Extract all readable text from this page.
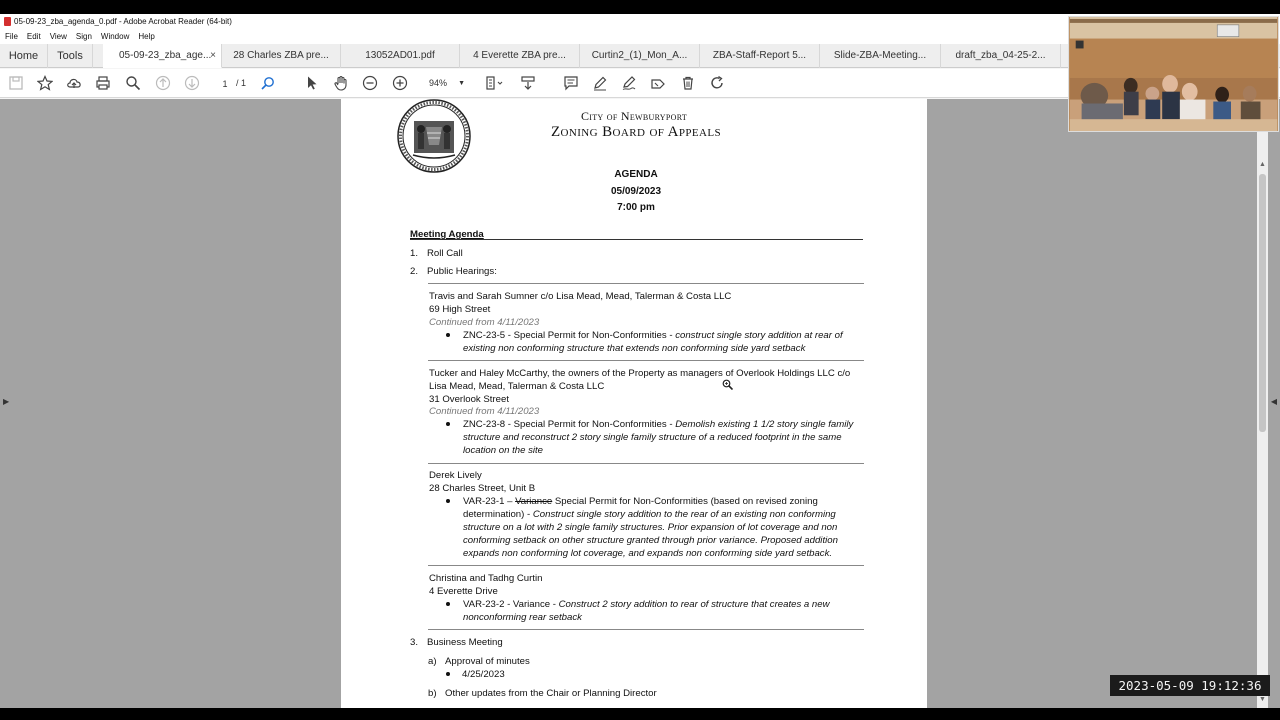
05-09-23_zba_agenda_0.pdf - Adobe Acrobat Reader (64-bit)
File Edit View Sign Window Help
Home	Tools	05-09-23_zba_age...
×	28 Charles ZBA pre...	13052AD01.pdf	4 Everette ZBA pre...	Curtin2_(1)_Mon_A...	ZBA-Staff-Report 5...	Slide-ZBA-Meeting...	draft_zba_04-25-2...
1 / 1	94% ▼
▶	◀
▲
▼
City of Newburyport
Zoning Board of Appeals
AGENDA
05/09/2023
7:00 pm
Meeting Agenda
1. Roll Call
2. Public Hearings:
Travis and Sarah Sumner c/o Lisa Mead, Mead, Talerman & Costa LLC
69 High Street
Continued from 4/11/2023
ZNC-23-5 - Special Permit for Non-Conformities - construct single story addition at rear of
existing non conforming structure that extends non conforming side yard setback
Tucker and Haley McCarthy, the owners of the Property as managers of Overlook Holdings LLC c/o
Lisa Mead, Mead, Talerman & Costa LLC
31 Overlook Street
Continued from 4/11/2023
ZNC-23-8 - Special Permit for Non-Conformities - Demolish existing 1 1/2 story single family
structure and reconstruct 2 story single family structure of a reduced footprint in the same
location on the site
Derek Lively
28 Charles Street, Unit B
VAR-23-1 – Variance Special Permit for Non-Conformities (based on revised zoning
determination) - Construct single story addition to the rear of an existing non conforming
structure on a lot with 2 single family structures. Prior expansion of lot coverage and non
conforming setback on other structure granted through prior variance. Proposed addition
expands non conforming lot coverage, and expands non conforming side yard setback.
Christina and Tadhg Curtin
4 Everette Drive
VAR-23-2 - Variance - Construct 2 story addition to rear of structure that creates a new
nonconforming rear setback
3. Business Meeting
a) Approval of minutes
4/25/2023
b) Other updates from the Chair or Planning Director
2023-05-09 19:12:36
